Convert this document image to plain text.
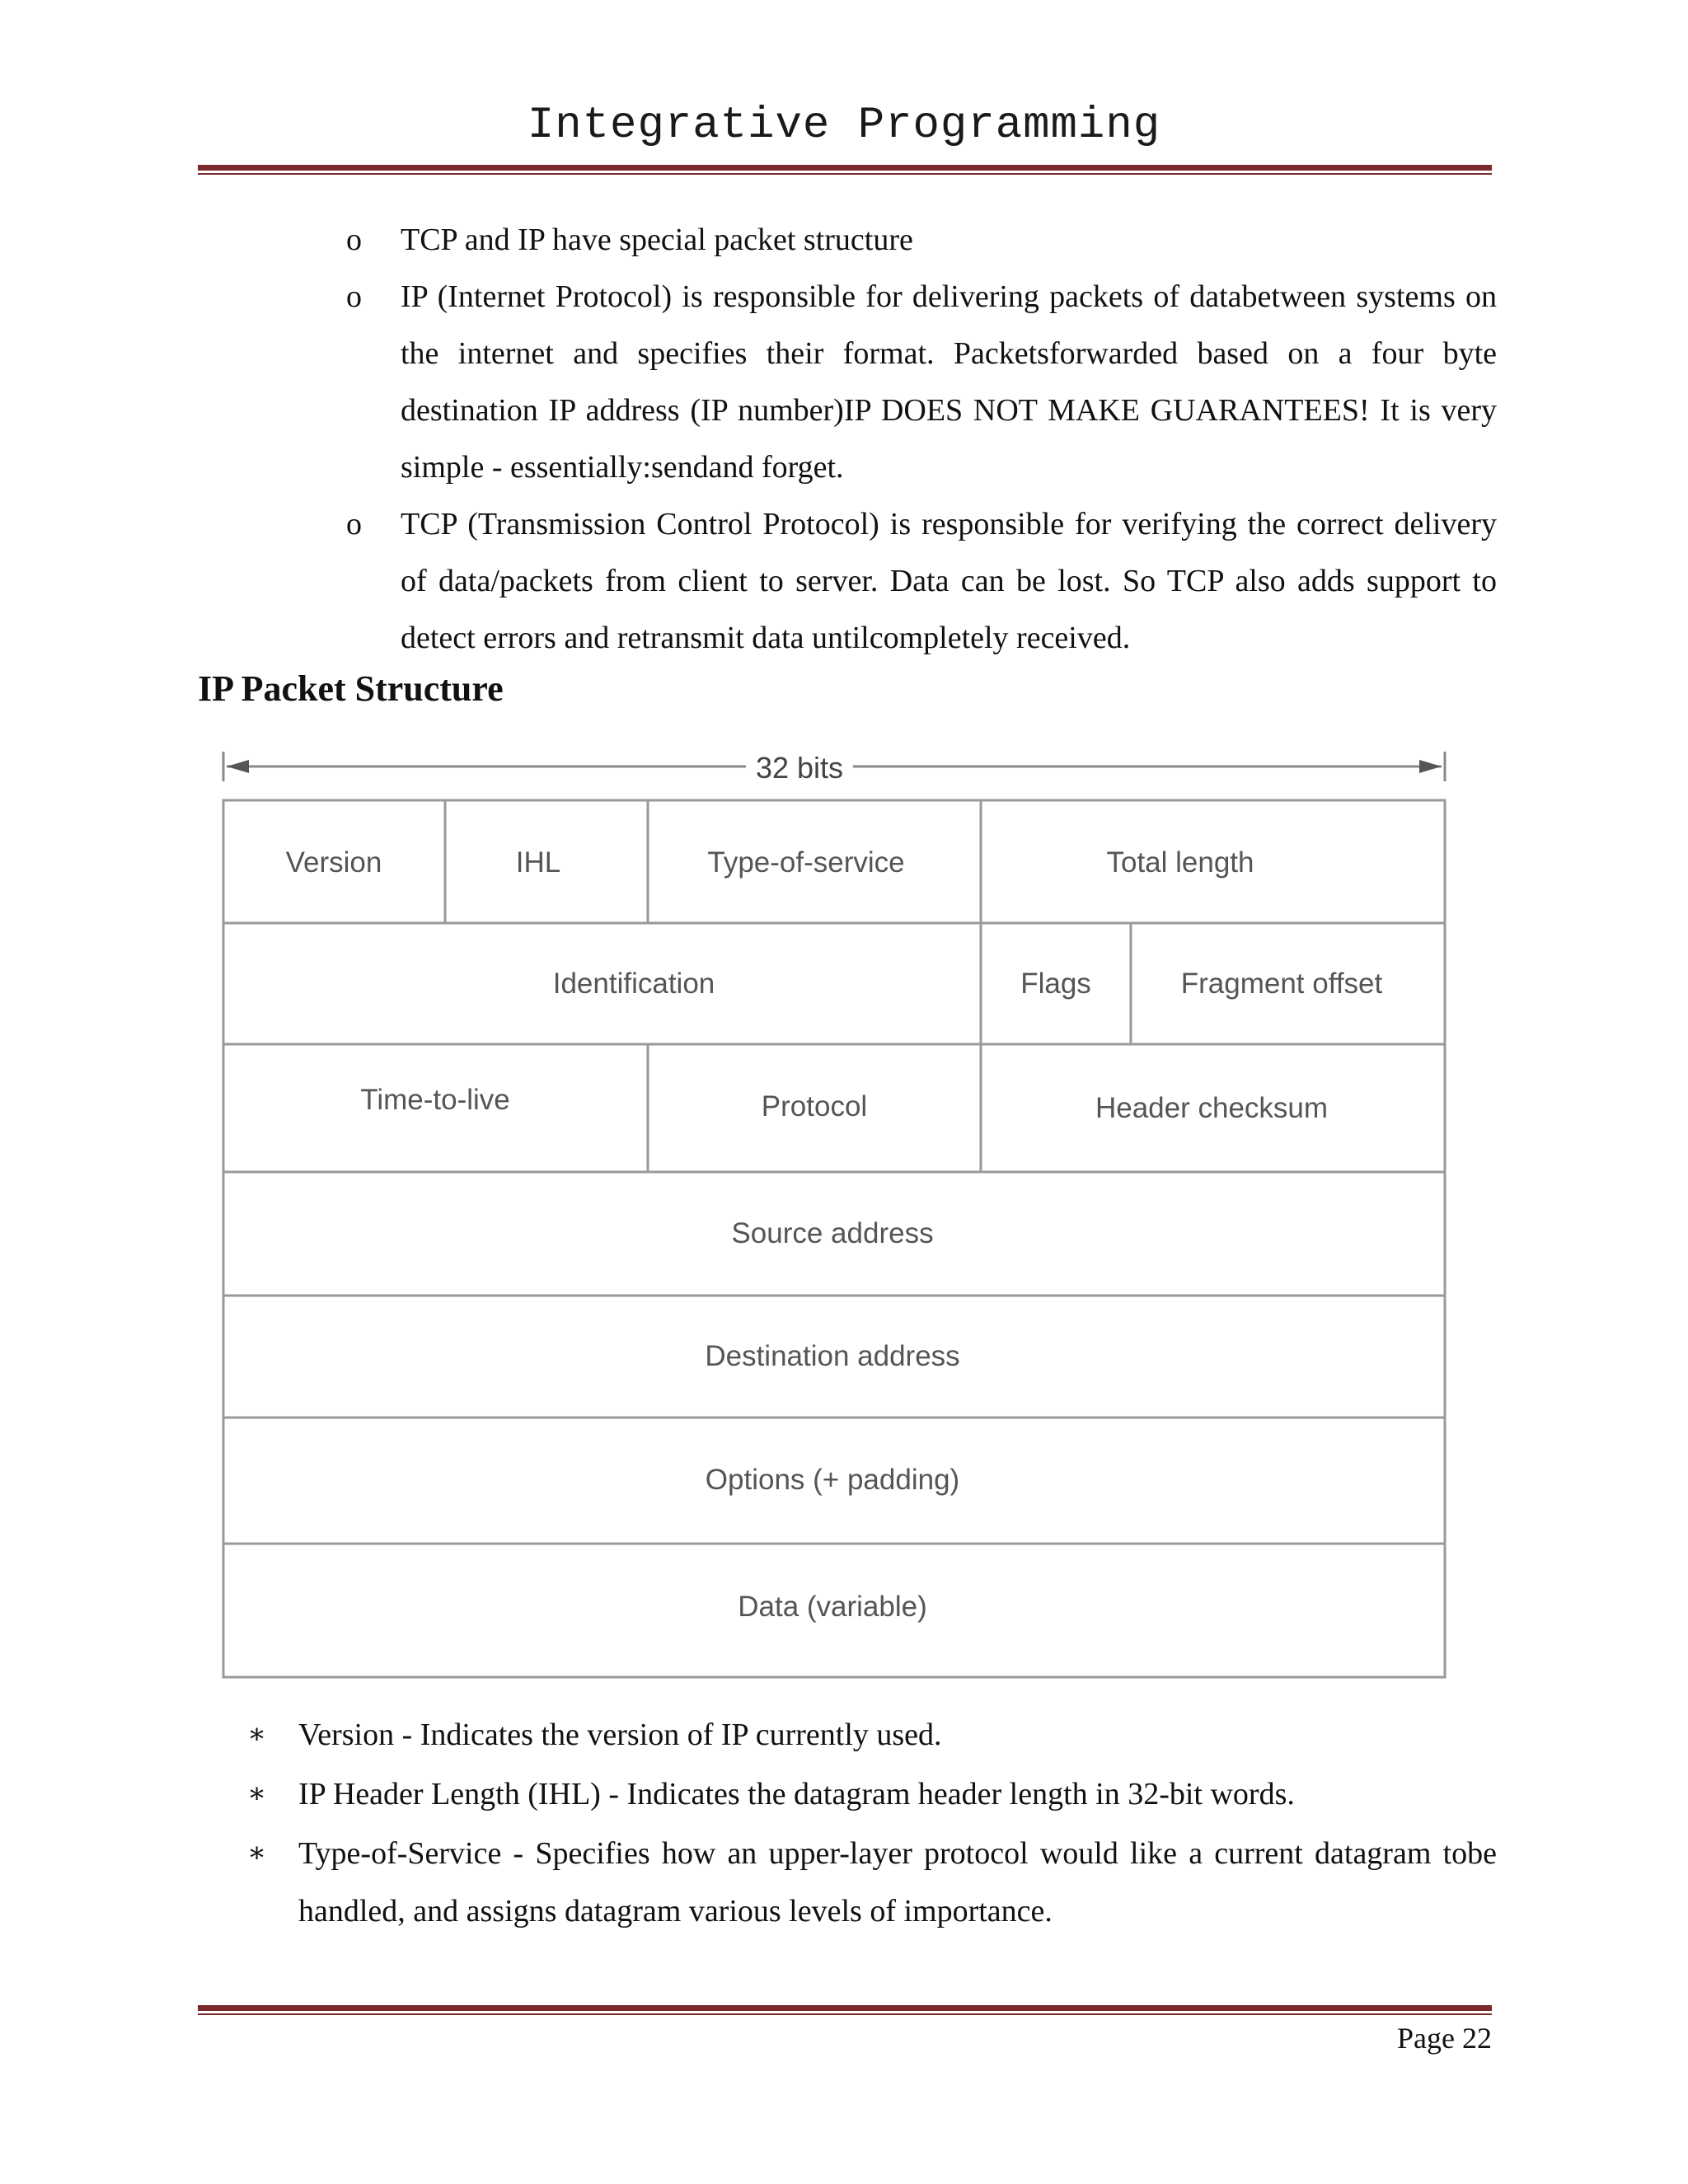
Integrative Programming
o TCP and IP have special packet structure
o IP (Internet Protocol) is responsible for delivering packets of databetween systems on the internet and specifies their format. Packetsforwarded based on a four byte destination IP address (IP number)IP DOES NOT MAKE GUARANTEES! It is very simple - essentially:sendand forget.
o TCP (Transmission Control Protocol) is responsible for verifying the correct delivery of data/packets from client to server. Data can be lost. So TCP also adds support to detect errors and retransmit data untilcompletely received.
IP Packet Structure
32 bits
Version	IHL	Type-of-service	Total length
Identification	Flags	Fragment offset
Time-to-live	Protocol	Header checksum
Source address
Destination address
Options (+ padding)
Data (variable)
∗ Version - Indicates the version of IP currently used.
∗ IP Header Length (IHL) - Indicates the datagram header length in 32-bit words.
∗ Type-of-Service - Specifies how an upper-layer protocol would like a current datagram tobe handled, and assigns datagram various levels of importance.
Page 22
